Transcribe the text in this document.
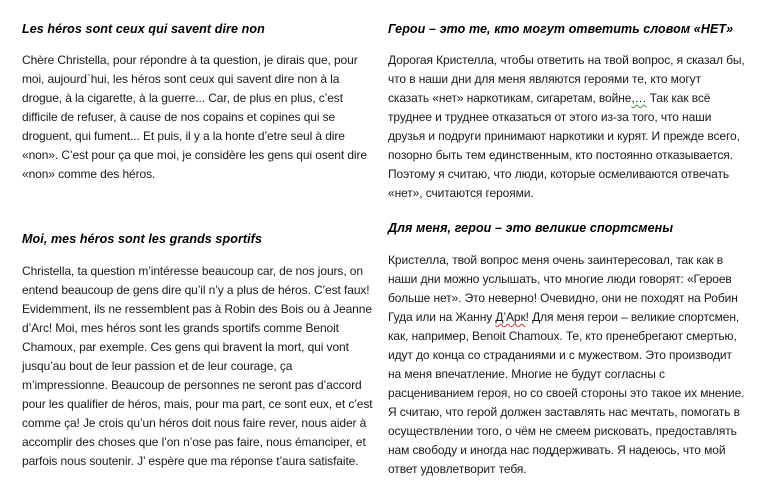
Les héros sont ceux qui savent dire non

Chère Christella, pour répondre à ta question, je dirais que, pour moi, aujourd`hui, les héros sont ceux qui savent dire non à la drogue, à la cigarette, à la guerre... Car, de plus en plus, c’est difficile de refuser, à cause de nos copains et copines qui se droguent, qui fument... Et puis, il y a la honte d’etre seul à dire «non». C’est pour ça que moi, je considère les gens qui osent dire «non» comme des héros.

Moi, mes héros sont les grands sportifs

Christella, ta question m’intéresse beaucoup car, de nos jours, on entend beaucoup de gens dire qu’il n’y a plus de héros. C’est faux! Evidemment, ils ne ressemblent pas à Robin des Bois ou à Jeanne d’Arc! Moi, mes héros sont les grands sportifs comme Benoit Chamoux, par exemple. Ces gens qui bravent la mort, qui vont jusqu’au bout de leur passion et de leur courage, ça m’impressionne. Beaucoup de personnes ne seront pas d’accord pour les qualifier de héros, mais, pour ma part, ce sont eux, et c’est comme ça! Je crois qu’un héros doit nous faire rever, nous aider à accomplir des choses que l’on n’ose pas faire, nous émanciper, et parfois nous soutenir. J’ espère que ma réponse t’aura satisfaite.

Герои – это те, кто могут ответить словом «НЕТ»

Дорогая Кристелла, чтобы ответить на твой вопрос, я сказал бы, что в наши дни для меня являются героями те, кто могут сказать «нет» наркотикам, сигаретам, войне,… Так как всё труднее и труднее отказаться от этого из-за того, что наши друзья и подруги принимают наркотики и курят. И прежде всего, позорно быть тем единственным, кто постоянно отказывается. Поэтому я считаю, что люди, которые осмеливаются отвечать «нет», считаются героями.

Для меня, герои – это великие спортсмены

Кристелла, твой вопрос меня очень заинтересовал, так как в наши дни можно услышать, что многие люди говорят: «Героев больше нет». Это неверно! Очевидно, они не походят на Робин Гуда или на Жанну Д’Арк! Для меня герои – великие спортсмен, как, например, Benoit Chamoux. Те, кто пренебрегают смертью, идут до конца со страданиями и с мужеством. Это производит на меня впечатление. Многие не будут согласны с расцениванием героя, но со своей стороны это такое их мнение. Я считаю, что герой должен заставлять нас мечтать, помогать в осуществлении того, о чём не смеем рисковать, предоставлять нам свободу и иногда нас поддерживать. Я надеюсь, что мой ответ удовлетворит тебя.
